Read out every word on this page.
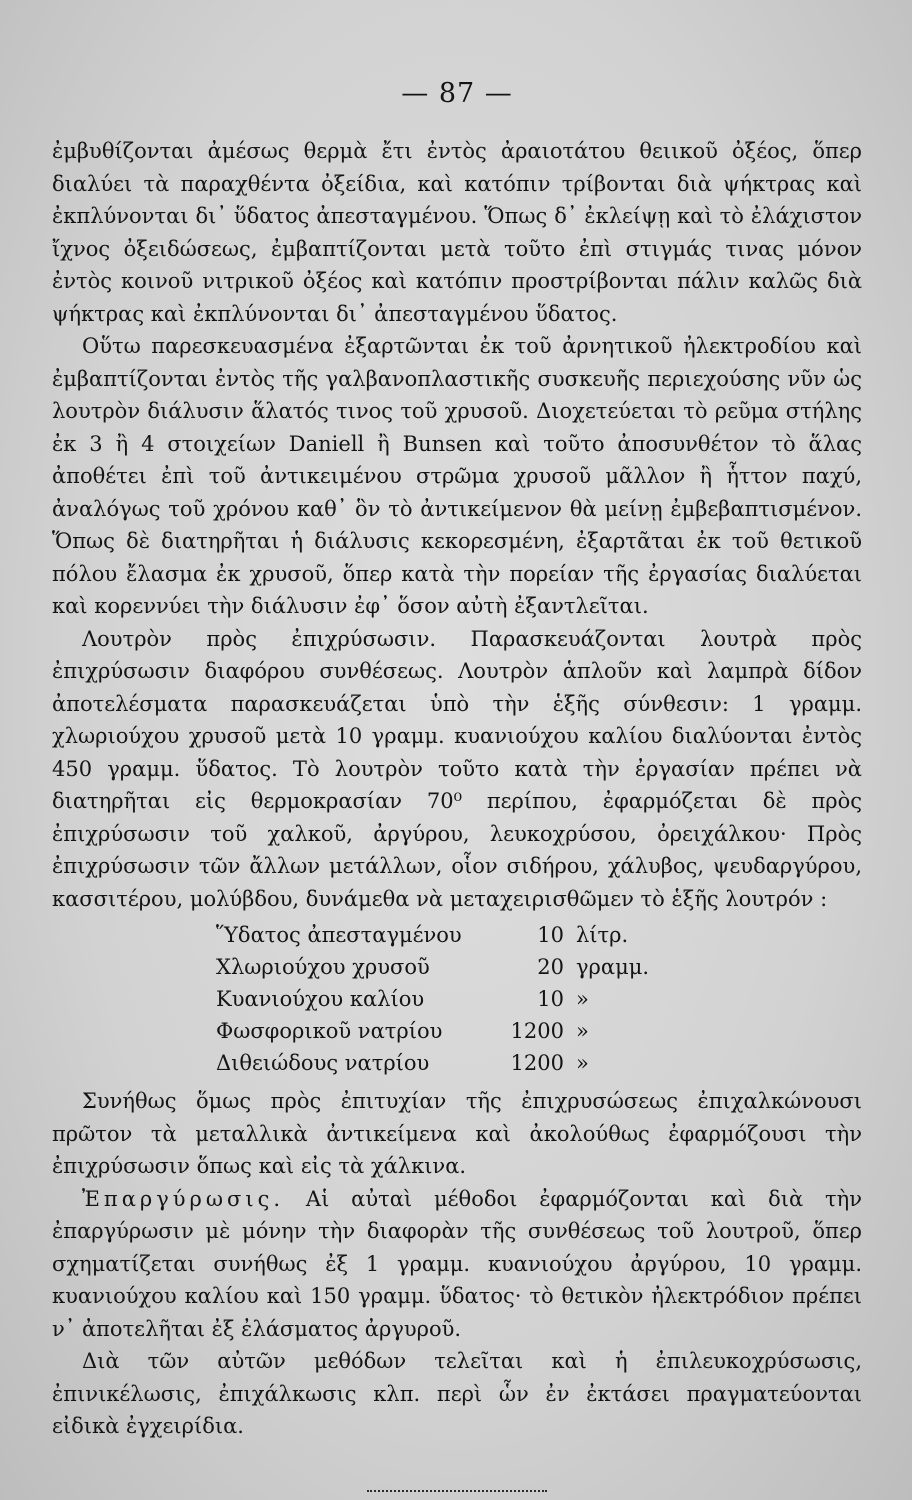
— 87 —

ἐμβυθίζονται ἀμέσως θερμὰ ἔτι ἐντὸς ἀραιοτάτου θειικοῦ ὀξέος, ὅπερ διαλύει τὰ παραχθέντα ὀξείδια, καὶ κατόπιν τρίβονται διὰ ψήκτρας καὶ ἐκπλύνονται δι᾽ ὕδατος ἀπεσταγμένου. Ὅπως δ᾽ ἐκλείψῃ καὶ τὸ ἐλάχιστον ἴχνος ὀξειδώσεως, ἐμβαπτίζονται μετὰ τοῦτο ἐπὶ στιγμάς τινας μόνον ἐντὸς κοινοῦ νιτρικοῦ ὀξέος καὶ κατόπιν προστρίβονται πάλιν καλῶς διὰ ψήκτρας καὶ ἐκπλύνονται δι᾽ ἀπεσταγμένου ὕδατος.

Οὕτω παρεσκευασμένα ἐξαρτῶνται ἐκ τοῦ ἀρνητικοῦ ἠλεκτροδίου καὶ ἐμβαπτίζονται ἐντὸς τῆς γαλβανοπλαστικῆς συσκευῆς περιεχούσης νῦν ὡς λουτρὸν διάλυσιν ἅλατός τινος τοῦ χρυσοῦ. Διοχετεύεται τὸ ρεῦμα στήλης ἐκ 3 ἢ 4 στοιχείων Daniell ἢ Bunsen καὶ τοῦτο ἀποσυνθέτον τὸ ἅλας ἀποθέτει ἐπὶ τοῦ ἀντικειμένου στρῶμα χρυσοῦ μᾶλλον ἢ ἧττον παχύ, ἀναλόγως τοῦ χρόνου καθ᾽ ὃν τὸ ἀντικείμενον θὰ μείνῃ ἐμβεβαπτισμένον. Ὅπως δὲ διατηρῆται ἡ διάλυσις κεκορεσμένη, ἐξαρτᾶται ἐκ τοῦ θετικοῦ πόλου ἔλασμα ἐκ χρυσοῦ, ὅπερ κατὰ τὴν πορείαν τῆς ἐργασίας διαλύεται καὶ κορεννύει τὴν διάλυσιν ἐφ᾽ ὅσον αὐτὴ ἐξαντλεῖται.

Λουτρὸν πρὸς ἐπιχρύσωσιν. Παρασκευάζονται λουτρὰ πρὸς ἐπιχρύσωσιν διαφόρου συνθέσεως. Λουτρὸν ἁπλοῦν καὶ λαμπρὰ δίδον ἀποτελέσματα παρασκευάζεται ὑπὸ τὴν ἑξῆς σύνθεσιν: 1 γραμμ. χλωριούχου χρυσοῦ μετὰ 10 γραμμ. κυανιούχου καλίου διαλύονται ἐντὸς 450 γραμμ. ὕδατος. Τὸ λουτρὸν τοῦτο κατὰ τὴν ἐργασίαν πρέπει νὰ διατηρῆται εἰς θερμοκρασίαν 70⁰ περίπου, ἐφαρμόζεται δὲ πρὸς ἐπιχρύσωσιν τοῦ χαλκοῦ, ἀργύρου, λευκοχρύσου, ὀρειχάλκου· Πρὸς ἐπιχρύσωσιν τῶν ἄλλων μετάλλων, οἷον σιδήρου, χάλυβος, ψευδαργύρου, κασσιτέρου, μολύβδου, δυνάμεθα νὰ μεταχειρισθῶμεν τὸ ἑξῆς λουτρόν :

Ὕδατος ἀπεσταγμένου	10	λίτρ.
Χλωριούχου χρυσοῦ	20	γραμμ.
Κυανιούχου καλίου	10	»
Φωσφορικοῦ νατρίου	1200	»
Διθειώδους νατρίου	1200	»

Συνήθως ὅμως πρὸς ἐπιτυχίαν τῆς ἐπιχρυσώσεως ἐπιχαλκώνουσι πρῶτον τὰ μεταλλικὰ ἀντικείμενα καὶ ἀκολούθως ἐφαρμόζουσι τὴν ἐπιχρύσωσιν ὅπως καὶ εἰς τὰ χάλκινα.

Ἐπαργύρωσις. Αἱ αὐταὶ μέθοδοι ἐφαρμόζονται καὶ διὰ τὴν ἐπαργύρωσιν μὲ μόνην τὴν διαφορὰν τῆς συνθέσεως τοῦ λουτροῦ, ὅπερ σχηματίζεται συνήθως ἐξ 1 γραμμ. κυανιούχου ἀργύρου, 10 γραμμ. κυανιούχου καλίου καὶ 150 γραμμ. ὕδατος· τὸ θετικὸν ἠλεκτρόδιον πρέπει ν᾽ ἀποτελῆται ἐξ ἐλάσματος ἀργυροῦ.

Διὰ τῶν αὐτῶν μεθόδων τελεῖται καὶ ἡ ἐπιλευκοχρύσωσις, ἐπινικέλωσις, ἐπιχάλκωσις κλπ. περὶ ὧν ἐν ἐκτάσει πραγματεύονται εἰδικὰ ἐγχειρίδια.
